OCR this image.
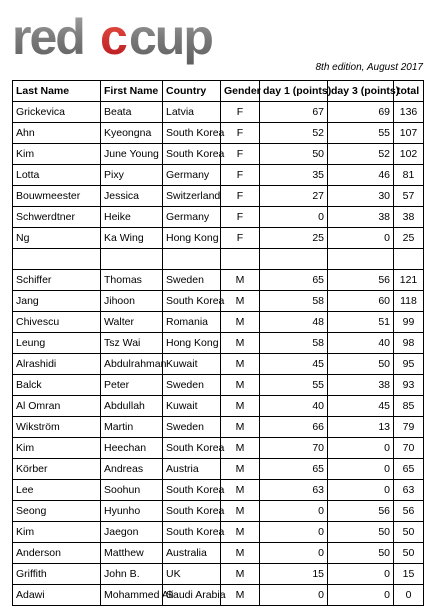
red c cup
8th edition, August 2017
Last Name	First Name	Country	Gender	day 1 (points)	day 3 (points)	total
Grickevica	Beata	Latvia	F	67	69	136
Ahn	Kyeongna	South Korea	F	52	55	107
Kim	June Young	South Korea	F	50	52	102
Lotta	Pixy	Germany	F	35	46	81
Bouwmeester	Jessica	Switzerland	F	27	30	57
Schwerdtner	Heike	Germany	F	0	38	38
Ng	Ka Wing	Hong Kong	F	25	0	25

Schiffer	Thomas	Sweden	M	65	56	121
Jang	Jihoon	South Korea	M	58	60	118
Chivescu	Walter	Romania	M	48	51	99
Leung	Tsz Wai	Hong Kong	M	58	40	98
Alrashidi	Abdulrahman	Kuwait	M	45	50	95
Balck	Peter	Sweden	M	55	38	93
Al Omran	Abdullah	Kuwait	M	40	45	85
Wikström	Martin	Sweden	M	66	13	79
Kim	Heechan	South Korea	M	70	0	70
Körber	Andreas	Austria	M	65	0	65
Lee	Soohun	South Korea	M	63	0	63
Seong	Hyunho	South Korea	M	0	56	56
Kim	Jaegon	South Korea	M	0	50	50
Anderson	Matthew	Australia	M	0	50	50
Griffith	John B.	UK	M	15	0	15
Adawi	Mohammed Ali	Saudi Arabia	M	0	0	0
